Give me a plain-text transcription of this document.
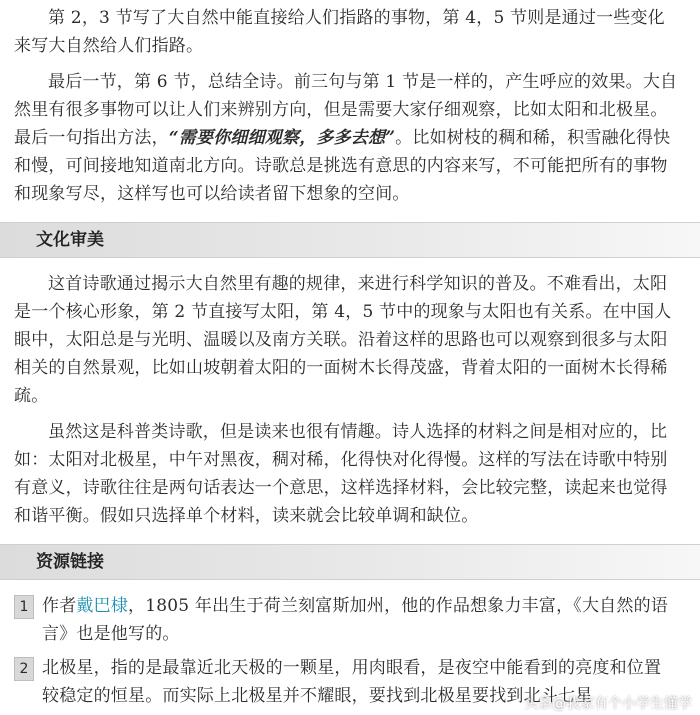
第 2，3 节写了大自然中能直接给人们指路的事物，第 4，5 节则是通过一些变化来写大自然给人们指路。

最后一节，第 6 节，总结全诗。前三句与第 1 节是一样的，产生呼应的效果。大自然里有很多事物可以让人们来辨别方向，但是需要大家仔细观察，比如太阳和北极星。最后一句指出方法，“需要你细细观察，多多去想”。比如树枝的稠和稀，积雪融化得快和慢，可间接地知道南北方向。诗歌总是挑选有意思的内容来写，不可能把所有的事物和现象写尽，这样写也可以给读者留下想象的空间。

文化审美

这首诗歌通过揭示大自然里有趣的规律，来进行科学知识的普及。不难看出，太阳是一个核心形象，第 2 节直接写太阳，第 4，5 节中的现象与太阳也有关系。在中国人眼中，太阳总是与光明、温暖以及南方关联。沿着这样的思路也可以观察到很多与太阳相关的自然景观，比如山坡朝着太阳的一面树木长得茂盛，背着太阳的一面树木长得稀疏。

虽然这是科普类诗歌，但是读来也很有情趣。诗人选择的材料之间是相对应的，比如：太阳对北极星，中午对黑夜，稠对稀，化得快对化得慢。这样的写法在诗歌中特别有意义，诗歌往往是两句话表达一个意思，这样选择材料，会比较完整，读起来也觉得和谐平衡。假如只选择单个材料，读来就会比较单调和缺位。

资源链接
1 作者戴巴棣，1805 年出生于荷兰刻富斯加州，他的作品想象力丰富，《大自然的语言》也是他写的。
2 北极星，指的是最靠近北天极的一颗星，用肉眼看，是夜空中能看到的亮度和位置较稳定的恒星。而实际上北极星并不耀眼，要找到北极星要找到北斗七星
头条@我家有个小学生懂学
